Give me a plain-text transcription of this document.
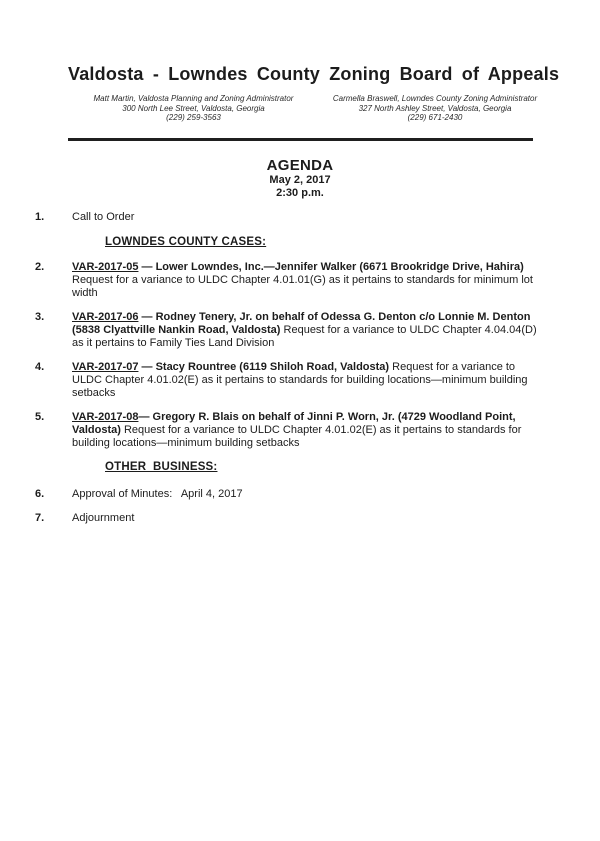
Valdosta - Lowndes County Zoning Board of Appeals
Matt Martin, Valdosta Planning and Zoning Administrator
300 North Lee Street, Valdosta, Georgia
(229) 259-3563
Carmella Braswell, Lowndes County Zoning Administrator
327 North Ashley Street, Valdosta, Georgia
(229) 671-2430
AGENDA
May 2, 2017
2:30 p.m.
1.	Call to Order
LOWNDES COUNTY CASES:
2.	VAR-2017-05 — Lower Lowndes, Inc.—Jennifer Walker (6671 Brookridge Drive, Hahira) Request for a variance to ULDC Chapter 4.01.01(G) as it pertains to standards for minimum lot width
3.	VAR-2017-06 — Rodney Tenery, Jr. on behalf of Odessa G. Denton c/o Lonnie M. Denton (5838 Clyattville Nankin Road, Valdosta) Request for a variance to ULDC Chapter 4.04.04(D) as it pertains to Family Ties Land Division
4.	VAR-2017-07 — Stacy Rountree (6119 Shiloh Road, Valdosta) Request for a variance to ULDC Chapter 4.01.02(E) as it pertains to standards for building locations—minimum building setbacks
5.	VAR-2017-08— Gregory R. Blais on behalf of Jinni P. Worn, Jr. (4729 Woodland Point, Valdosta) Request for a variance to ULDC Chapter 4.01.02(E) as it pertains to standards for building locations—minimum building setbacks
OTHER  BUSINESS:
6.	Approval of Minutes:   April 4, 2017
7.	Adjournment
